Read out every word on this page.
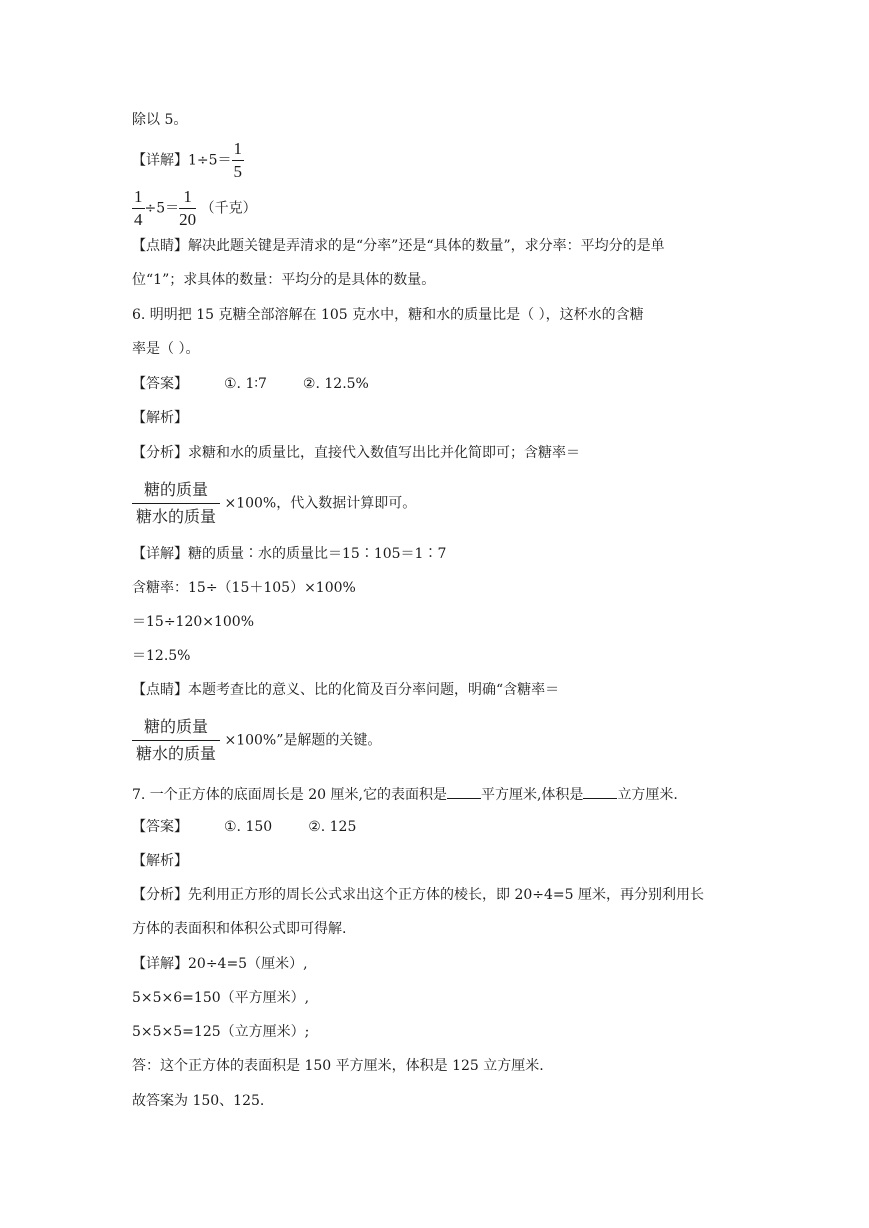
除以 5。
【详解】$1\div 5= \frac{1}{5}$
$\frac{1}{4} \div 5= \frac{1}{20}$ （千克）
【点睛】解决此题关键是弄清求的是“分率”还是“具体的数量”，求分率：平均分的是单
位“1”；求具体的数量：平均分的是具体的数量。
6. 明明把 15 克糖全部溶解在 105 克水中，糖和水的质量比是（ ），这杯水的含糖
率是（ ）。
【答案】	①. 1∶7	②. 12.5%
【解析】
【分析】求糖和水的质量比，直接代入数值写出比并化简即可；含糖率＝
$\frac{\text{糖的质量}}{\text{糖水的质量}} \times 100\%$，代入数据计算即可。
【详解】糖的质量∶水的质量比＝15∶105＝1∶7
含糖率：15÷（15＋105）×100%
＝15÷120×100%
＝12.5%
【点睛】本题考查比的意义、比的化简及百分率问题，明确“含糖率＝
$\frac{\text{糖的质量}}{\text{糖水的质量}} \times 100\%$”是解题的关键。
7. 一个正方体的底面周长是 20 厘米,它的表面积是 平方厘米,体积是 立方厘米.
【答案】	①. 150	②. 125
【解析】
【分析】先利用正方形的周长公式求出这个正方体的棱长，即 20÷4=5 厘米，再分别利用长
方体的表面积和体积公式即可得解.
【详解】20÷4=5（厘米）,
5×5×6=150（平方厘米）,
5×5×5=125（立方厘米）;
答：这个正方体的表面积是 150 平方厘米，体积是 125 立方厘米.
故答案为 150、125.
